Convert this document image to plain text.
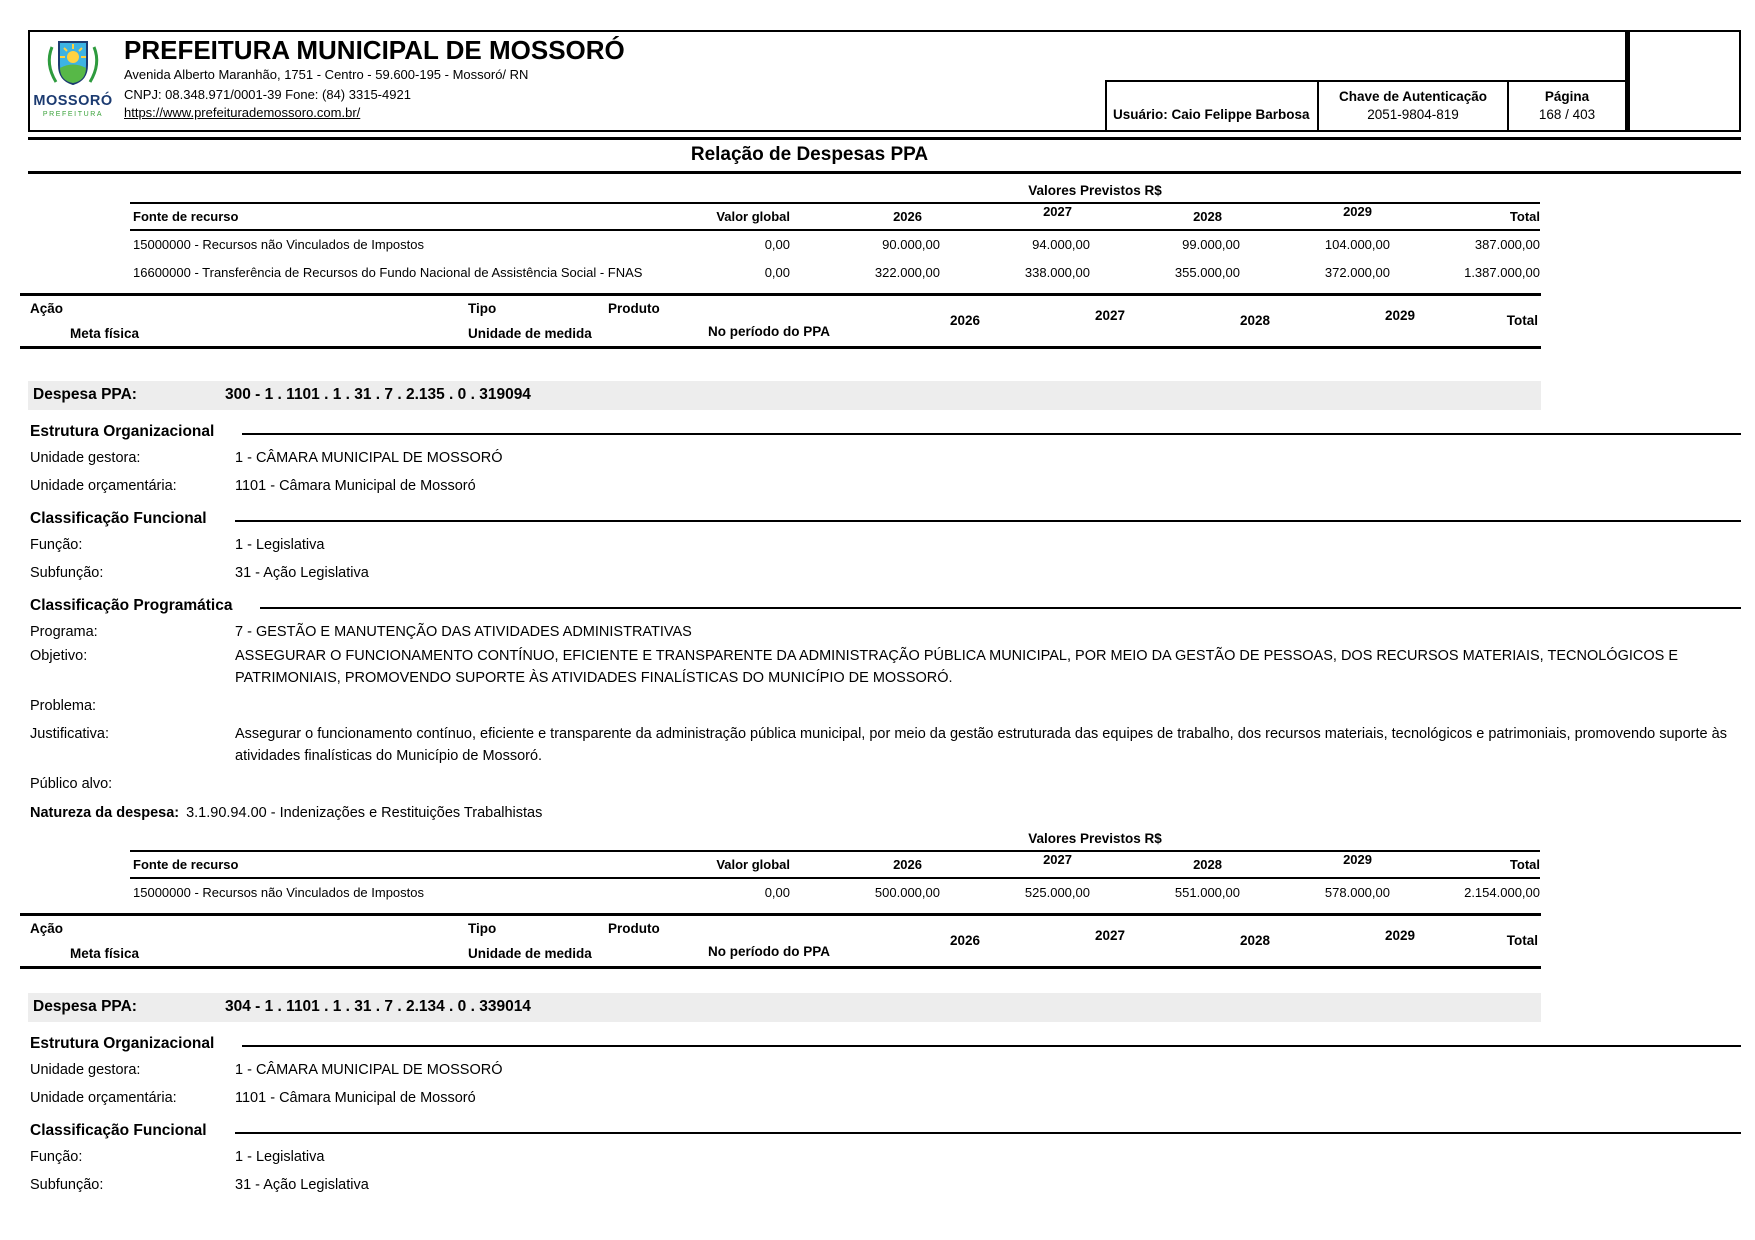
MOSSORÓ
PREFEITURA
PREFEITURA MUNICIPAL DE MOSSORÓ
Avenida Alberto Maranhão, 1751 - Centro - 59.600-195 - Mossoró/ RN
CNPJ: 08.348.971/0001-39 Fone: (84) 3315-4921
https://www.prefeiturademossoro.com.br/	Usuário: Caio Felippe Barbosa
Chave de Autenticação
2051-9804-819
Página
168 / 403
Relação de Despesas PPA
Valores Previstos R$
Fonte de recurso	Valor global	2026	2027	2028	2029	Total
15000000 - Recursos não Vinculados de Impostos	0,00	90.000,00	94.000,00	99.000,00	104.000,00	387.000,00
16600000 - Transferência de Recursos do Fundo Nacional de Assistência Social - FNAS	0,00	322.000,00	338.000,00	355.000,00	372.000,00	1.387.000,00
Ação	Tipo	Produto
2026	2027	2028	2029	Total
Meta física	Unidade de medida	No período do PPA
Despesa PPA:	300 - 1 . 1101 . 1 . 31 . 7 . 2.135 . 0 . 319094
Estrutura Organizacional
Unidade gestora:	1 - CÂMARA MUNICIPAL DE MOSSORÓ
Unidade orçamentária:	1101 - Câmara Municipal de Mossoró
Classificação Funcional
Função:	1 - Legislativa
Subfunção:	31 - Ação Legislativa
Classificação Programática
Programa:	7 - GESTÃO E MANUTENÇÃO DAS ATIVIDADES ADMINISTRATIVAS
Objetivo:	ASSEGURAR O FUNCIONAMENTO CONTÍNUO, EFICIENTE E TRANSPARENTE DA ADMINISTRAÇÃO PÚBLICA MUNICIPAL, POR MEIO DA GESTÃO DE PESSOAS, DOS RECURSOS MATERIAIS, TECNOLÓGICOS E PATRIMONIAIS, PROMOVENDO SUPORTE ÀS ATIVIDADES FINALÍSTICAS DO MUNICÍPIO DE MOSSORÓ.
Problema:
Justificativa:	Assegurar o funcionamento contínuo, eficiente e transparente da administração pública municipal, por meio da gestão estruturada das equipes de trabalho, dos recursos materiais, tecnológicos e patrimoniais, promovendo suporte às atividades finalísticas do Município de Mossoró.
Público alvo:
Natureza da despesa: 3.1.90.94.00 - Indenizações e Restituições Trabalhistas
Valores Previstos R$
Fonte de recurso	Valor global	2026	2027	2028	2029	Total
15000000 - Recursos não Vinculados de Impostos	0,00	500.000,00	525.000,00	551.000,00	578.000,00	2.154.000,00
Ação	Tipo	Produto
2026	2027	2028	2029	Total
Meta física	Unidade de medida	No período do PPA
Despesa PPA:	304 - 1 . 1101 . 1 . 31 . 7 . 2.134 . 0 . 339014
Estrutura Organizacional
Unidade gestora:	1 - CÂMARA MUNICIPAL DE MOSSORÓ
Unidade orçamentária:	1101 - Câmara Municipal de Mossoró
Classificação Funcional
Função:	1 - Legislativa
Subfunção:	31 - Ação Legislativa
